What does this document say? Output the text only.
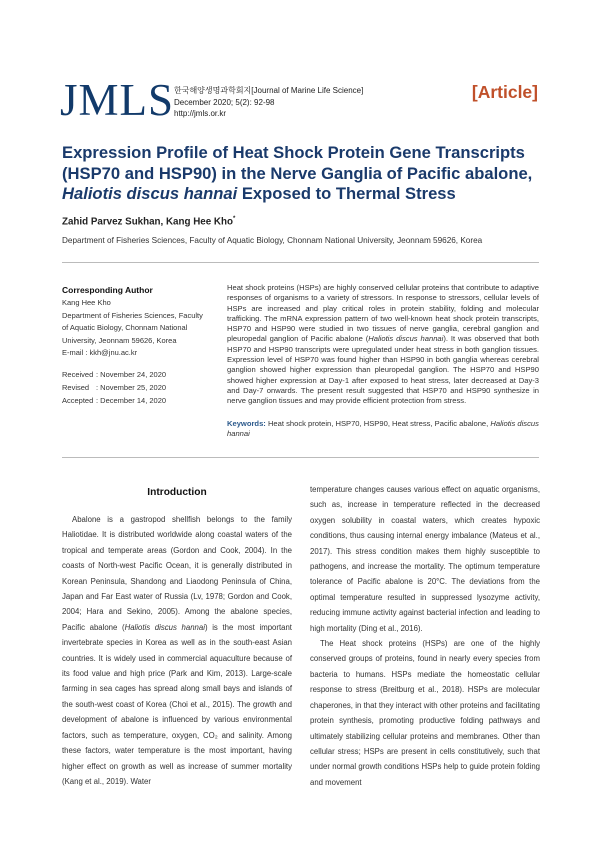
JMLS 한국해양생명과학회지[Journal of Marine Life Science]
December 2020; 5(2): 92-98
http://jmls.or.kr
[Article]
Expression Profile of Heat Shock Protein Gene Transcripts
(HSP70 and HSP90) in the Nerve Ganglia of Pacific abalone,
Haliotis discus hannai Exposed to Thermal Stress
Zahid Parvez Sukhan, Kang Hee Kho*
Department of Fisheries Sciences, Faculty of Aquatic Biology, Chonnam National University, Jeonnam 59626, Korea
Corresponding Author
Kang Hee Kho
Department of Fisheries Sciences, Faculty
of Aquatic Biology, Chonnam National
University, Jeonnam 59626, Korea
E-mail : kkh@jnu.ac.kr
Received : November 24, 2020
Revised : November 25, 2020
Accepted : December 14, 2020

Heat shock proteins (HSPs) are highly conserved cellular proteins that contribute to adaptive responses of organisms to a variety of stressors. In response to stressors, cellular levels of HSPs are increased and play critical roles in protein stability, folding and molecular trafficking. The mRNA expression pattern of two well-known heat shock protein transcripts, HSP70 and HSP90 were studied in two tissues of nerve ganglia, cerebral ganglion and pleuropedal ganglion of Pacific abalone (Haliotis discus hannai). It was observed that both HSP70 and HSP90 transcripts were upregulated under heat stress in both ganglion tissues. Expression level of HSP70 was found higher than HSP90 in both ganglia whereas cerebral ganglion showed higher expression than pleuropedal ganglion. The HSP70 and HSP90 showed higher expression at Day-1 after exposed to heat stress, later decreased at Day-3 and Day-7 onwards. The present result suggested that HSP70 and HSP90 synthesize in nerve ganglion tissues and may provide efficient protection from stress.

Keywords: Heat shock protein, HSP70, HSP90, Heat stress, Pacific abalone, Haliotis discus hannai
Introduction

Abalone is a gastropod shellfish belongs to the family Haliotidae. It is distributed worldwide along coastal waters of the tropical and temperate areas (Gordon and Cook, 2004). In the coasts of North-west Pacific Ocean, it is generally distributed in Korean Peninsula, Shandong and Liaodong Peninsula of China, Japan and Far East water of Russia (Lv, 1978; Gordon and Cook, 2004; Hara and Sekino, 2005). Among the abalone species, Pacific abalone (Haliotis discus hannai) is the most important invertebrate species in Korea as well as in the south-east Asian countries. It is widely used in commercial aquaculture because of its food value and high price (Park and Kim, 2013). Large-scale farming in sea cages has spread along small bays and islands of the south-west coast of Korea (Choi et al., 2015). The growth and development of abalone is influenced by various environmental factors, such as temperature, oxygen, CO₂ and salinity. Among these factors, water temperature is the most important, having higher effect on growth as well as increase of summer mortality (Kang et al., 2019). Water

temperature changes causes various effect on aquatic organisms, such as, increase in temperature reflected in the decreased oxygen solubility in coastal waters, which creates hypoxic conditions, thus causing internal energy imbalance (Mateus et al., 2017). This stress condition makes them highly susceptible to pathogens, and increase the mortality. The optimum temperature tolerance of Pacific abalone is 20°C. The deviations from the optimal temperature resulted in suppressed lysozyme activity, reducing immune activity against bacterial infection and leading to high mortality (Ding et al., 2016).

The Heat shock proteins (HSPs) are one of the highly conserved groups of proteins, found in nearly every species from bacteria to humans. HSPs mediate the homeostatic cellular response to stress (Breitburg et al., 2018). HSPs are molecular chaperones, in that they interact with other proteins and facilitating protein synthesis, promoting productive folding pathways and ultimately stabilizing cellular proteins and membranes. Other than cellular stress; HSPs are present in cells constitutively, such that under normal growth conditions HSPs help to guide protein folding and movement
